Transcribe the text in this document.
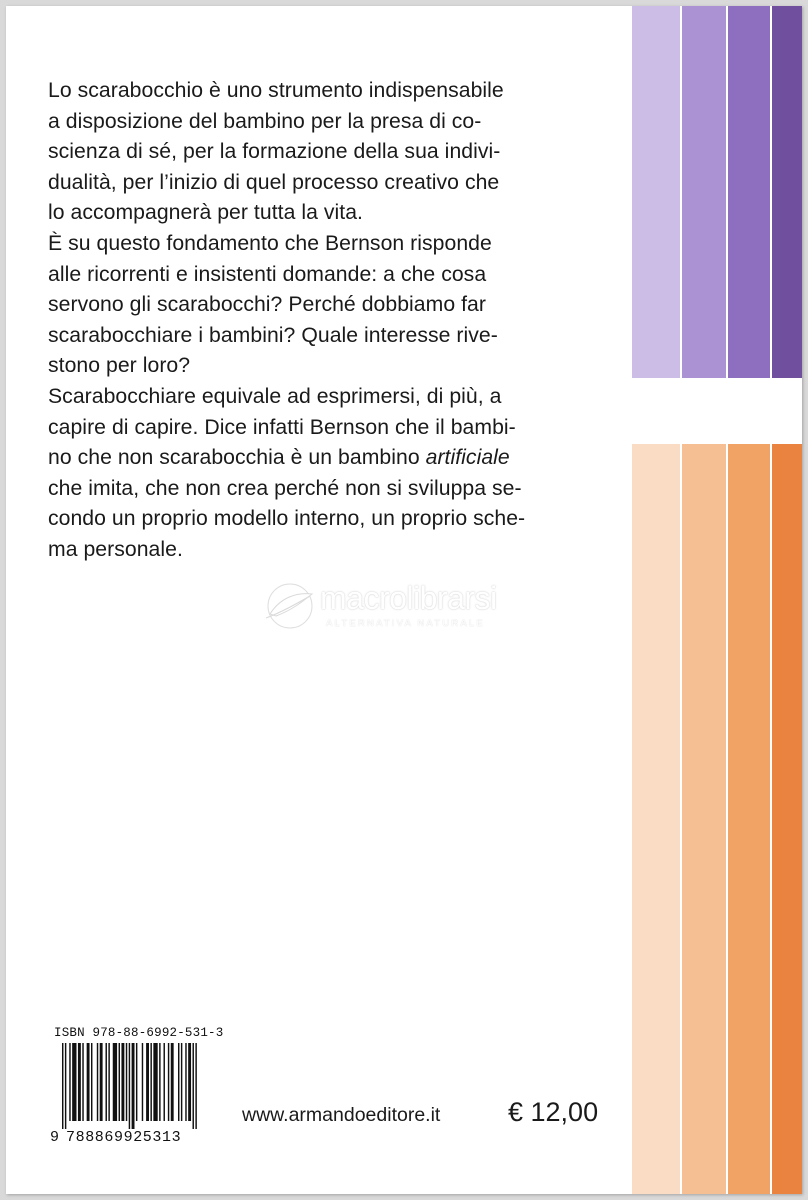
Lo scarabocchio è uno strumento indispensabile
a disposizione del bambino per la presa di co-
scienza di sé, per la formazione della sua indivi-
dualità, per l’inizio di quel processo creativo che
lo accompagnerà per tutta la vita.
È su questo fondamento che Bernson risponde
alle ricorrenti e insistenti domande: a che cosa
servono gli scarabocchi? Perché dobbiamo far
scarabocchiare i bambini? Quale interesse rive-
stono per loro?
Scarabocchiare equivale ad esprimersi, di più, a
capire di capire. Dice infatti Bernson che il bambi-
no che non scarabocchia è un bambino artificiale
che imita, che non crea perché non si sviluppa se-
condo un proprio modello interno, un proprio sche-
ma personale.
macrolibrarsi
ALTERNATIVA NATURALE
ISBN 978-88-6992-531-3
9 788869925313
www.armandoeditore.it	€ 12,00
